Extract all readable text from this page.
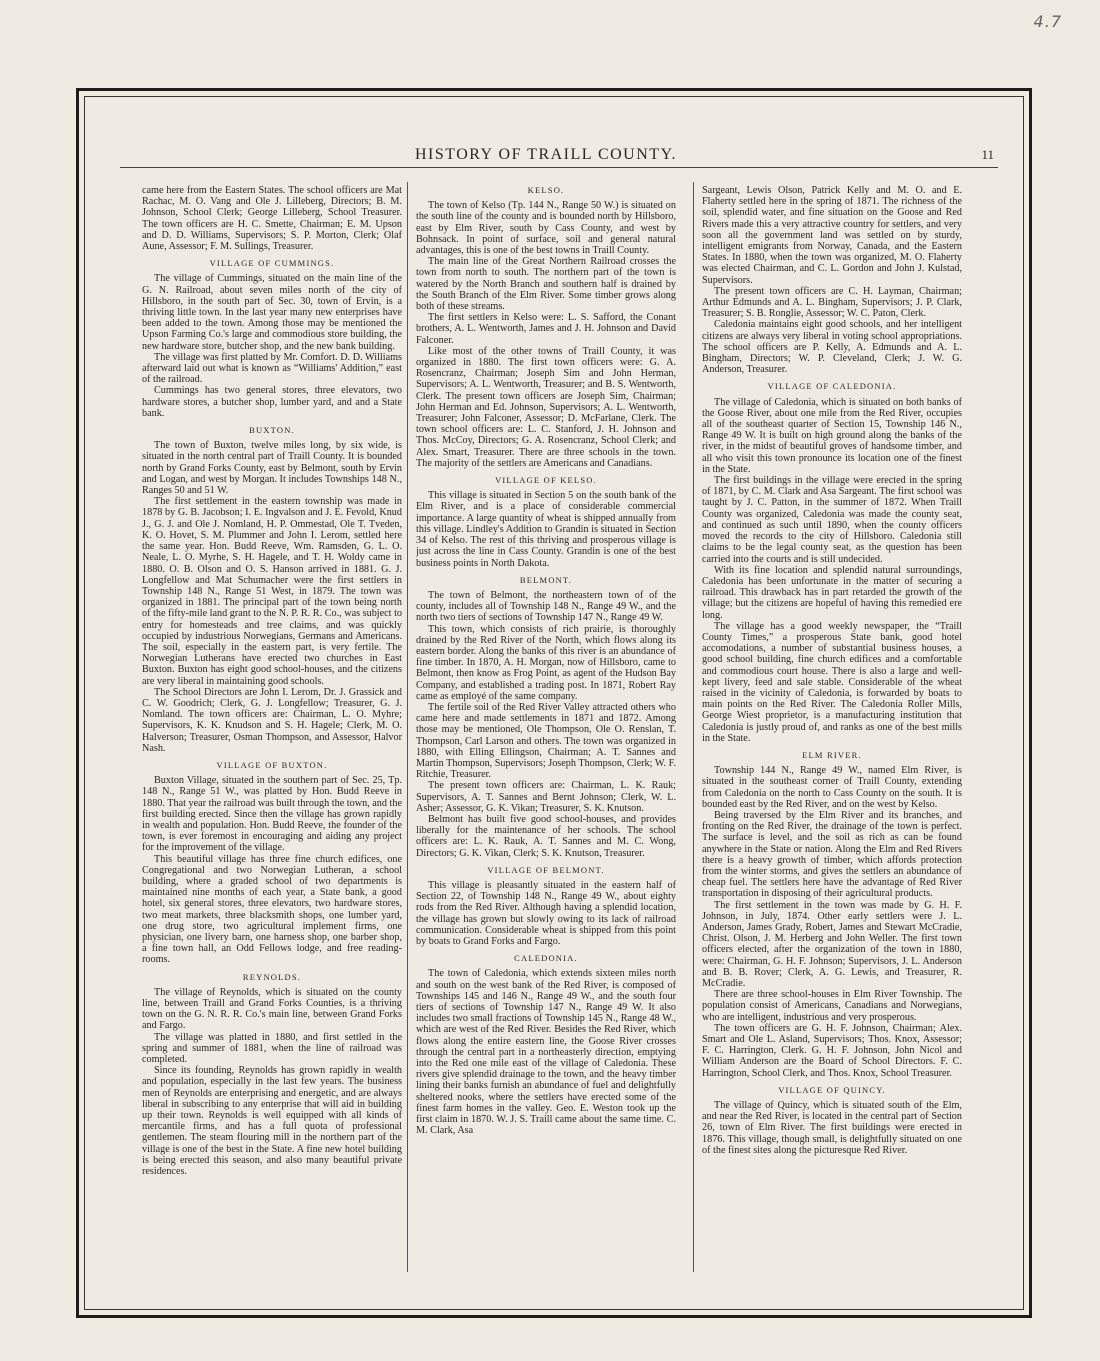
4.7
HISTORY OF TRAILL COUNTY.	11

came here from the Eastern States. The school officers are Mat Rachac, M. O. Vang and Ole J. Lilleberg, Directors; B. M. Johnson, School Clerk; George Lilleberg, School Treasurer. The town officers are H. C. Smette, Chairman; E. M. Upson and D. D. Williams, Supervisors; S. P. Morton, Clerk; Olaf Aune, Assessor; F. M. Sullings, Treasurer.

VILLAGE OF CUMMINGS.

The village of Cummings, situated on the main line of the G. N. Railroad, about seven miles north of the city of Hillsboro, in the south part of Sec. 30, town of Ervin, is a thriving little town. In the last year many new enterprises have been added to the town. Among those may be mentioned the Upson Farming Co.'s large and commodious store building, the new hardware store, butcher shop, and the new bank building.

The village was first platted by Mr. Comfort. D. D. Williams afterward laid out what is known as “Williams' Addition,” east of the railroad.

Cummings has two general stores, three elevators, two hardware stores, a butcher shop, lumber yard, and and a State bank.

BUXTON.

The town of Buxton, twelve miles long, by six wide, is situated in the north central part of Traill County. It is bounded north by Grand Forks County, east by Belmont, south by Ervin and Logan, and west by Morgan. It includes Townships 148 N., Ranges 50 and 51 W.

The first settlement in the eastern township was made in 1878 by G. B. Jacobson; I. E. Ingvalson and J. E. Fevold, Knud J., G. J. and Ole J. Nomland, H. P. Ommestad, Ole T. Tveden, K. O. Hovet, S. M. Plummer and John I. Lerom, settled here the same year. Hon. Budd Reeve, Wm. Ramsden, G. L. O. Neale, L. O. Myrhe, S. H. Hagele, and T. H. Woldy came in 1880. O. B. Olson and O. S. Hanson arrived in 1881. G. J. Longfellow and Mat Schumacher were the first settlers in Township 148 N., Range 51 West, in 1879. The town was organized in 1881. The principal part of the town being north of the fifty-mile land grant to the N. P. R. R. Co., was subject to entry for homesteads and tree claims, and was quickly occupied by industrious Norwegians, Germans and Americans. The soil, especially in the eastern part, is very fertile. The Norwegian Lutherans have erected two churches in East Buxton. Buxton has eight good school-houses, and the citizens are very liberal in maintaining good schools.

The School Directors are John I. Lerom, Dr. J. Grassick and C. W. Goodrich; Clerk, G. J. Longfellow; Treasurer, G. J. Nomland. The town officers are: Chairman, L. O. Myhre; Supervisors, K. K. Knudson and S. H. Hagele; Clerk, M. O. Halverson; Treasurer, Osman Thompson, and Assessor, Halvor Nash.

VILLAGE OF BUXTON.

Buxton Village, situated in the southern part of Sec. 25, Tp. 148 N., Range 51 W., was platted by Hon. Budd Reeve in 1880. That year the railroad was built through the town, and the first building erected. Since then the village has grown rapidly in wealth and population. Hon. Budd Reeve, the founder of the town, is ever foremost in encouraging and aiding any project for the improvement of the village.

This beautiful village has three fine church edifices, one Congregational and two Norwegian Lutheran, a school building, where a graded school of two departments is maintained nine months of each year, a State bank, a good hotel, six general stores, three elevators, two hardware stores, two meat markets, three blacksmith shops, one lumber yard, one drug store, two agricultural implement firms, one physician, one livery barn, one harness shop, one barber shop, a fine town hall, an Odd Fellows lodge, and free reading-rooms.

REYNOLDS.

The village of Reynolds, which is situated on the county line, between Traill and Grand Forks Counties, is a thriving town on the G. N. R. R. Co.'s main line, between Grand Forks and Fargo.

The village was platted in 1880, and first settled in the spring and summer of 1881, when the line of railroad was completed.

Since its founding, Reynolds has grown rapidly in wealth and population, especially in the last few years. The business men of Reynolds are enterprising and energetic, and are always liberal in subscribing to any enterprise that will aid in building up their town. Reynolds is well equipped with all kinds of mercantile firms, and has a full quota of professional gentlemen. The steam flouring mill in the northern part of the village is one of the best in the State. A fine new hotel building is being erected this season, and also many beautiful private residences.

KELSO.

The town of Kelso (Tp. 144 N., Range 50 W.) is situated on the south line of the county and is bounded north by Hillsboro, east by Elm River, south by Cass County, and west by Bohnsack. In point of surface, soil and general natural advantages, this is one of the best towns in Traill County.

The main line of the Great Northern Railroad crosses the town from north to south. The northern part of the town is watered by the North Branch and southern half is drained by the South Branch of the Elm River. Some timber grows along both of these streams.

The first settlers in Kelso were: L. S. Safford, the Conant brothers, A. L. Wentworth, James and J. H. Johnson and David Falconer.

Like most of the other towns of Traill County, it was organized in 1880. The first town officers were: G. A. Rosencranz, Chairman; Joseph Sim and John Herman, Supervisors; A. L. Wentworth, Treasurer; and B. S. Wentworth, Clerk. The present town officers are Joseph Sim, Chairman; John Herman and Ed. Johnson, Supervisors; A. L. Wentworth, Treasurer; John Falconer, Assessor; D. McFarlane, Clerk. The town school officers are: L. C. Stanford, J. H. Johnson and Thos. McCoy, Directors; G. A. Rosencranz, School Clerk; and Alex. Smart, Treasurer. There are three schools in the town. The majority of the settlers are Americans and Canadians.

VILLAGE OF KELSO.

This village is situated in Section 5 on the south bank of the Elm River, and is a place of considerable commercial importance. A large quantity of wheat is shipped annually from this village. Lindley's Addition to Grandin is situated in Section 34 of Kelso. The rest of this thriving and prosperous village is just across the line in Cass County. Grandin is one of the best business points in North Dakota.

BELMONT.

The town of Belmont, the northeastern town of of the county, includes all of Township 148 N., Range 49 W., and the north two tiers of sections of Township 147 N., Range 49 W.

This town, which consists of rich prairie, is thoroughly drained by the Red River of the North, which flows along its eastern border. Along the banks of this river is an abundance of fine timber. In 1870, A. H. Morgan, now of Hillsboro, came to Belmont, then know as Frog Point, as agent of the Hudson Bay Company, and established a trading post. In 1871, Robert Ray came as employé of the same company.

The fertile soil of the Red River Valley attracted others who came here and made settlements in 1871 and 1872. Among those may be mentioned, Ole Thompson, Ole O. Renslan, T. Thompson, Carl Larson and others. The town was organized in 1880, with Elling Ellingson, Chairman; A. T. Sannes and Martin Thompson, Supervisors; Joseph Thompson, Clerk; W. F. Ritchie, Treasurer.

The present town officers are: Chairman, L. K. Rauk; Supervisors, A. T. Sannes and Bernt Johnson; Clerk, W. L. Asher; Assessor, G. K. Vikan; Treasurer, S. K. Knutson.

Belmont has built five good school-houses, and provides liberally for the maintenance of her schools. The school officers are: L. K. Rauk, A. T. Sannes and M. C. Wong, Directors; G. K. Vikan, Clerk; S. K. Knutson, Treasurer.

VILLAGE OF BELMONT.

This village is pleasantly situated in the eastern half of Section 22, of Township 148 N., Range 49 W., about eighty rods from the Red River. Although having a splendid location, the village has grown but slowly owing to its lack of railroad communication. Considerable wheat is shipped from this point by boats to Grand Forks and Fargo.

CALEDONIA.

The town of Caledonia, which extends sixteen miles north and south on the west bank of the Red River, is composed of Townships 145 and 146 N., Range 49 W., and the south four tiers of sections of Township 147 N., Range 49 W. It also includes two small fractions of Township 145 N., Range 48 W., which are west of the Red River. Besides the Red River, which flows along the entire eastern line, the Goose River crosses through the central part in a northeasterly direction, emptying into the Red one mile east of the village of Caledonia. These rivers give splendid drainage to the town, and the heavy timber lining their banks furnish an abundance of fuel and delightfully sheltered nooks, where the settlers have erected some of the finest farm homes in the valley. Geo. E. Weston took up the first claim in 1870. W. J. S. Traill came about the same time. C. M. Clark, Asa

Sargeant, Lewis Olson, Patrick Kelly and M. O. and E. Flaherty settled here in the spring of 1871. The richness of the soil, splendid water, and fine situation on the Goose and Red Rivers made this a very attractive country for settlers, and very soon all the government land was settled on by sturdy, intelligent emigrants from Norway, Canada, and the Eastern States. In 1880, when the town was organized, M. O. Flaherty was elected Chairman, and C. L. Gordon and John J. Kulstad, Supervisors.

The present town officers are C. H. Layman, Chairman; Arthur Edmunds and A. L. Bingham, Supervisors; J. P. Clark, Treasurer; S. B. Ronglie, Assessor; W. C. Paton, Clerk.

Caledonia maintains eight good schools, and her intelligent citizens are always very liberal in voting school appropriations. The school officers are P. Kelly, A. Edmunds and A. L. Bingham, Directors; W. P. Cleveland, Clerk; J. W. G. Anderson, Treasurer.

VILLAGE OF CALEDONIA.

The village of Caledonia, which is situated on both banks of the Goose River, about one mile from the Red River, occupies all of the southeast quarter of Section 15, Township 146 N., Range 49 W. It is built on high ground along the banks of the river, in the midst of beautiful groves of handsome timber, and all who visit this town pronounce its location one of the finest in the State.

The first buildings in the village were erected in the spring of 1871, by C. M. Clark and Asa Sargeant. The first school was taught by J. C. Patton, in the summer of 1872. When Traill County was organized, Caledonia was made the county seat, and continued as such until 1890, when the county officers moved the records to the city of Hillsboro. Caledonia still claims to be the legal county seat, as the question has been carried into the courts and is still undecided.

With its fine location and splendid natural surroundings, Caledonia has been unfortunate in the matter of securing a railroad. This drawback has in part retarded the growth of the village; but the citizens are hopeful of having this remedied ere long.

The village has a good weekly newspaper, the “Traill County Times,” a prosperous State bank, good hotel accomodations, a number of substantial business houses, a good school building, fine church edifices and a comfortable and commodious court house. There is also a large and well-kept livery, feed and sale stable. Considerable of the wheat raised in the vicinity of Caledonia, is forwarded by boats to main points on the Red River. The Caledonia Roller Mills, George Wiest proprietor, is a manufacturing institution that Caledonia is justly proud of, and ranks as one of the best mills in the State.

ELM RIVER.

Township 144 N., Range 49 W., named Elm River, is situated in the southeast corner of Traill County, extending from Caledonia on the north to Cass County on the south. It is bounded east by the Red River, and on the west by Kelso.

Being traversed by the Elm River and its branches, and fronting on the Red River, the drainage of the town is perfect. The surface is level, and the soil as rich as can be found anywhere in the State or nation. Along the Elm and Red Rivers there is a heavy growth of timber, which affords protection from the winter storms, and gives the settlers an abundance of cheap fuel. The settlers here have the advantage of Red River transportation in disposing of their agricultural products.

The first settlement in the town was made by G. H. F. Johnson, in July, 1874. Other early settlers were J. L. Anderson, James Grady, Robert, James and Stewart McCradie, Christ. Olson, J. M. Herberg and John Weller. The first town officers elected, after the organization of the town in 1880, were: Chairman, G. H. F. Johnson; Supervisors, J. L. Anderson and B. B. Rover; Clerk, A. G. Lewis, and Treasurer, R. McCradie.

There are three school-houses in Elm River Township. The population consist of Americans, Canadians and Norwegians, who are intelligent, industrious and very prosperous.

The town officers are G. H. F. Johnson, Chairman; Alex. Smart and Ole L. Asland, Supervisors; Thos. Knox, Assessor; F. C. Harrington, Clerk. G. H. F. Johnson, John Nicol and William Anderson are the Board of School Directors. F. C. Harrington, School Clerk, and Thos. Knox, School Treasurer.

VILLAGE OF QUINCY.

The village of Quincy, which is situated south of the Elm, and near the Red River, is located in the central part of Section 26, town of Elm River. The first buildings were erected in 1876. This village, though small, is delightfully situated on one of the finest sites along the picturesque Red River.
